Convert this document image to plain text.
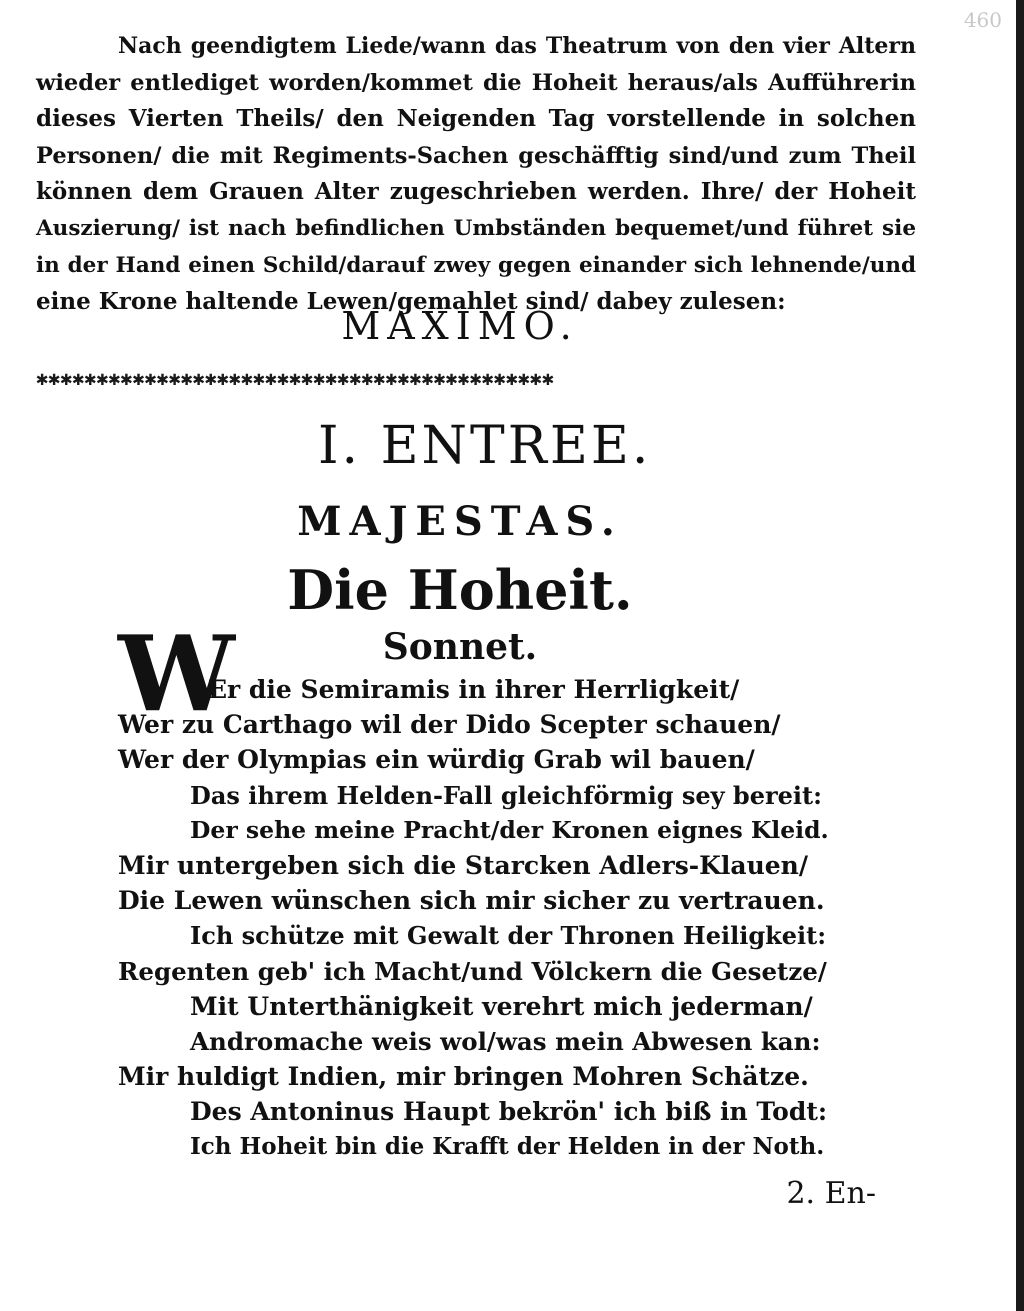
460

Nach geendigtem Liede/wann das Theatrum von den vier Altern
wieder entlediget worden/kommet die Hoheit heraus/als Aufführerin
dieses Vierten Theils/ den Neigenden Tag vorstellende in solchen
Personen/ die mit Regiments-Sachen geschäfftig sind/und zum Theil
können dem Grauen Alter zugeschrieben werden. Ihre/ der Hoheit
Auszierung/ ist nach befindlichen Umbständen bequemet/und führet sie
in der Hand einen Schild/darauf zwey gegen einander sich lehnende/und
eine Krone haltende Lewen/gemahlet sind/ dabey zulesen:

MAXIMO.
✱✱✱✱✱✱✱✱✱✱✱✱✱✱✱✱✱✱✱✱✱✱✱✱✱✱✱✱✱✱✱✱✱✱✱✱✱✱✱✱✱✱✱
I. ENTREE.
MAJESTAS.
Die Hoheit.
Sonnet.
W
Er die Semiramis in ihrer Herrligkeit/
Wer zu Carthago wil der Dido Scepter schauen/
Wer der Olympias ein würdig Grab wil bauen/
Das ihrem Helden-Fall gleichförmig sey bereit:
Der sehe meine Pracht/der Kronen eignes Kleid.
Mir untergeben sich die Starcken Adlers-Klauen/
Die Lewen wünschen sich mir sicher zu vertrauen.
Ich schütze mit Gewalt der Thronen Heiligkeit:
Regenten geb' ich Macht/und Völckern die Gesetze/
Mit Unterthänigkeit verehrt mich jederman/
Andromache weis wol/was mein Abwesen kan:
Mir huldigt Indien, mir bringen Mohren Schätze.
Des Antoninus Haupt bekrön' ich biß in Todt:
Ich Hoheit bin die Krafft der Helden in der Noth.
2. En-
